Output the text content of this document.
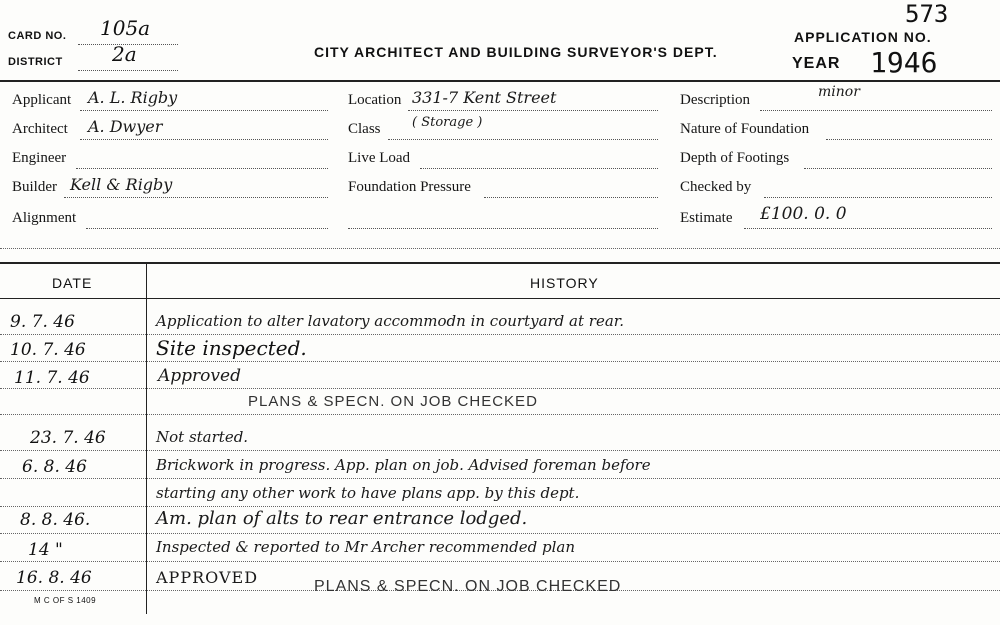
CARD NO. 105a
DISTRICT 2a	CITY ARCHITECT AND BUILDING SURVEYOR'S DEPT.
APPLICATION NO.
573
YEAR 1946
Applicant A. L. Rigby
Architect A. Dwyer
Engineer
Builder Kell & Rigby
Alignment
Location 331-7 Kent Street
Class ( Storage )
Live Load
Foundation Pressure
Description	minor
Nature of Foundation
Depth of Footings
Checked by
Estimate £100. 0. 0
DATE	HISTORY
9. 7. 46	Application to alter lavatory accommodn in courtyard at rear.
10. 7. 46	Site inspected.
11. 7. 46	Approved
PLANS & SPECN. ON JOB CHECKED
23. 7. 46	Not started.
6. 8. 46	Brickwork in progress. App. plan on job. Advised foreman before
starting any other work to have plans app. by this dept.
8. 8. 46.	Am. plan of alts to rear entrance lodged.
14 "	Inspected & reported to Mr Archer recommended plan
16. 8. 46	APPROVED	PLANS & SPECN. ON JOB CHECKED
M C OF S 1409
